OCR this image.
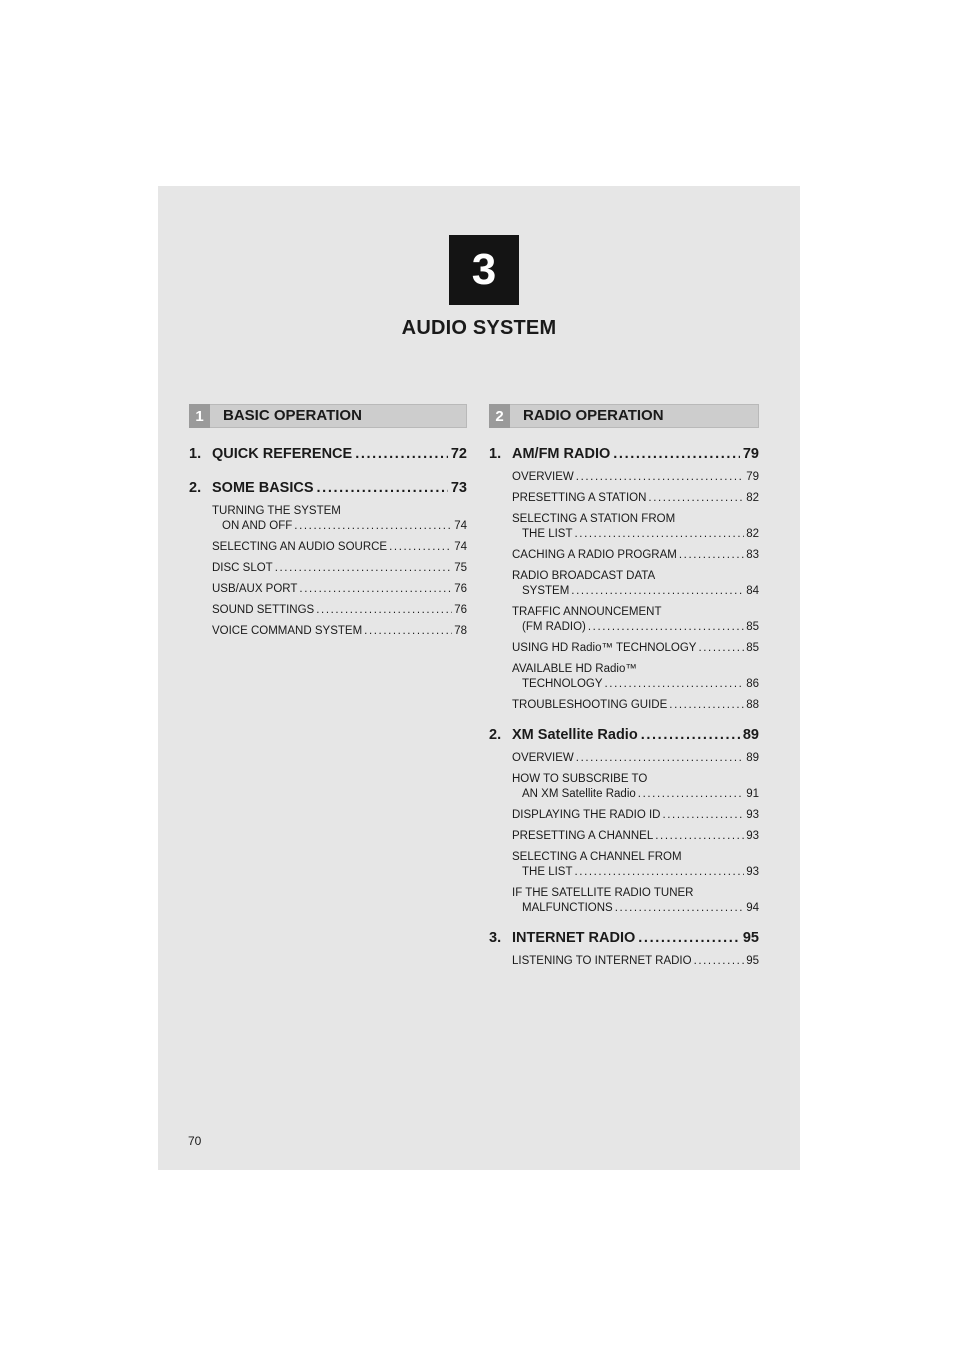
3
AUDIO SYSTEM
1	BASIC OPERATION	2	RADIO OPERATION
1. QUICK REFERENCE . . .	72
2. SOME BASICS . . .	73
TURNING THE SYSTEM
ON AND OFF . . .	74
SELECTING AN AUDIO SOURCE . . .	74
DISC SLOT . . .	75
USB/AUX PORT . . .	76
SOUND SETTINGS . . .	76
VOICE COMMAND SYSTEM . . .	78
1. AM/FM RADIO . . .	79
OVERVIEW . . .	79
PRESETTING A STATION . . .	82
SELECTING A STATION FROM
THE LIST . . .	82
CACHING A RADIO PROGRAM . . .	83
RADIO BROADCAST DATA
SYSTEM . . .	84
TRAFFIC ANNOUNCEMENT
(FM RADIO) . . .	85
USING HD Radio™ TECHNOLOGY . . .	85
AVAILABLE HD Radio™
TECHNOLOGY . . .	86
TROUBLESHOOTING GUIDE . . .	88
2. XM Satellite Radio . . .	89
OVERVIEW . . .	89
HOW TO SUBSCRIBE TO
AN XM Satellite Radio . . .	91
DISPLAYING THE RADIO ID . . .	93
PRESETTING A CHANNEL . . .	93
SELECTING A CHANNEL FROM
THE LIST . . .	93
IF THE SATELLITE RADIO TUNER
MALFUNCTIONS . . .	94
3. INTERNET RADIO . . .	95
LISTENING TO INTERNET RADIO . . .	95
70
